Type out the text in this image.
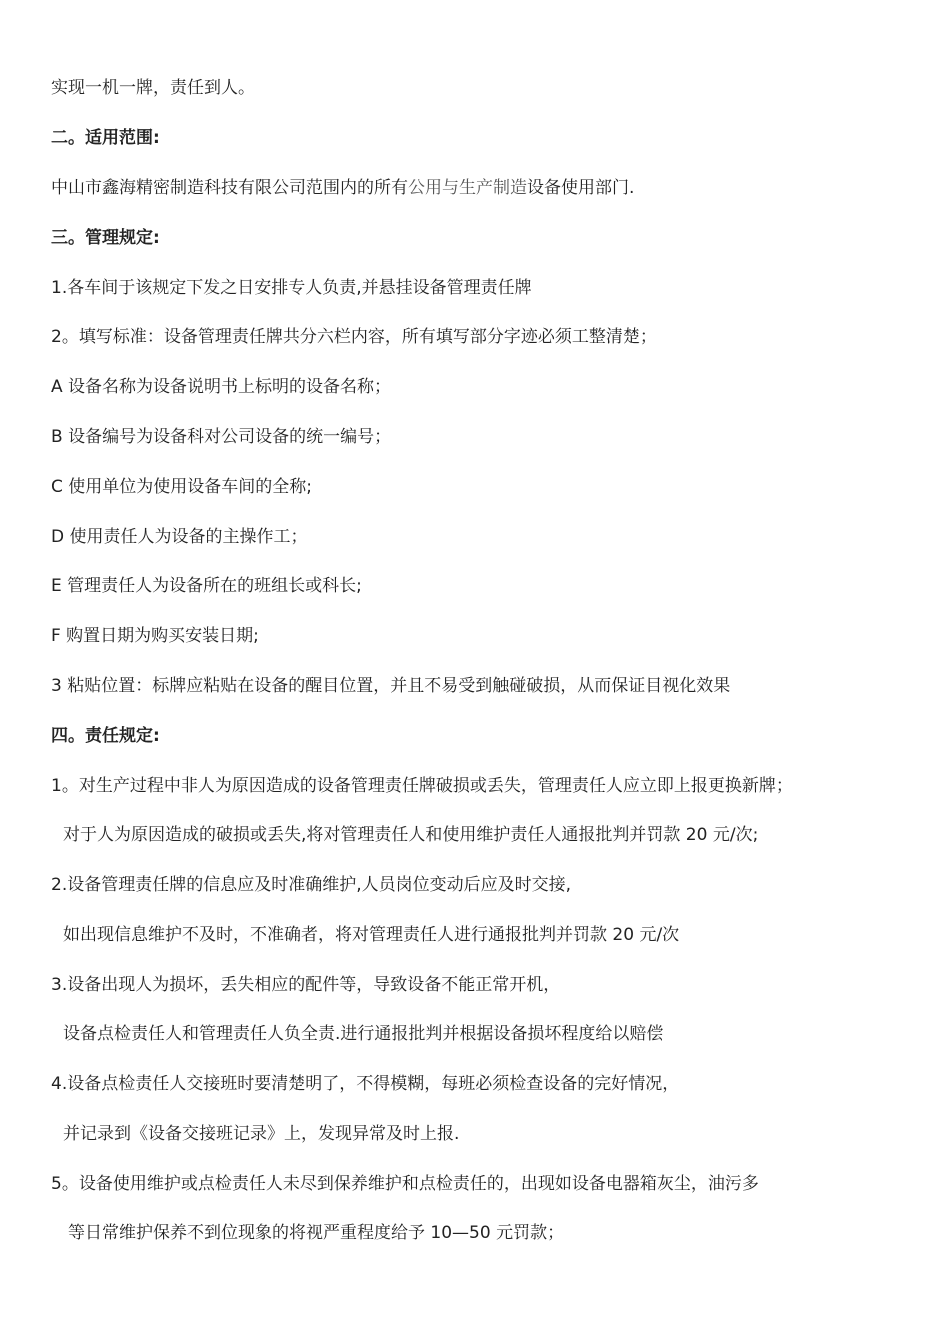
实现一机一牌，责任到人。
二。适用范围:
中山市鑫海精密制造科技有限公司范围内的所有公用与生产制造设备使用部门.
三。管理规定:
1.各车间于该规定下发之日安排专人负责,并悬挂设备管理责任牌
2。填写标准：设备管理责任牌共分六栏内容，所有填写部分字迹必须工整清楚；
A 设备名称为设备说明书上标明的设备名称；
B 设备编号为设备科对公司设备的统一编号；
C 使用单位为使用设备车间的全称;
D 使用责任人为设备的主操作工；
E 管理责任人为设备所在的班组长或科长;
F 购置日期为购买安装日期;
3 粘贴位置：标牌应粘贴在设备的醒目位置，并且不易受到触碰破损，从而保证目视化效果
四。责任规定:
1。对生产过程中非人为原因造成的设备管理责任牌破损或丢失，管理责任人应立即上报更换新牌；
对于人为原因造成的破损或丢失,将对管理责任人和使用维护责任人通报批判并罚款 20 元/次;
2.设备管理责任牌的信息应及时准确维护,人员岗位变动后应及时交接,
如出现信息维护不及时，不准确者，将对管理责任人进行通报批判并罚款 20 元/次
3.设备出现人为损坏，丢失相应的配件等，导致设备不能正常开机，
设备点检责任人和管理责任人负全责.进行通报批判并根据设备损坏程度给以赔偿
4.设备点检责任人交接班时要清楚明了，不得模糊，每班必须检查设备的完好情况，
并记录到《设备交接班记录》上，发现异常及时上报.
5。设备使用维护或点检责任人未尽到保养维护和点检责任的，出现如设备电器箱灰尘，油污多
等日常维护保养不到位现象的将视严重程度给予 10—50 元罚款；
